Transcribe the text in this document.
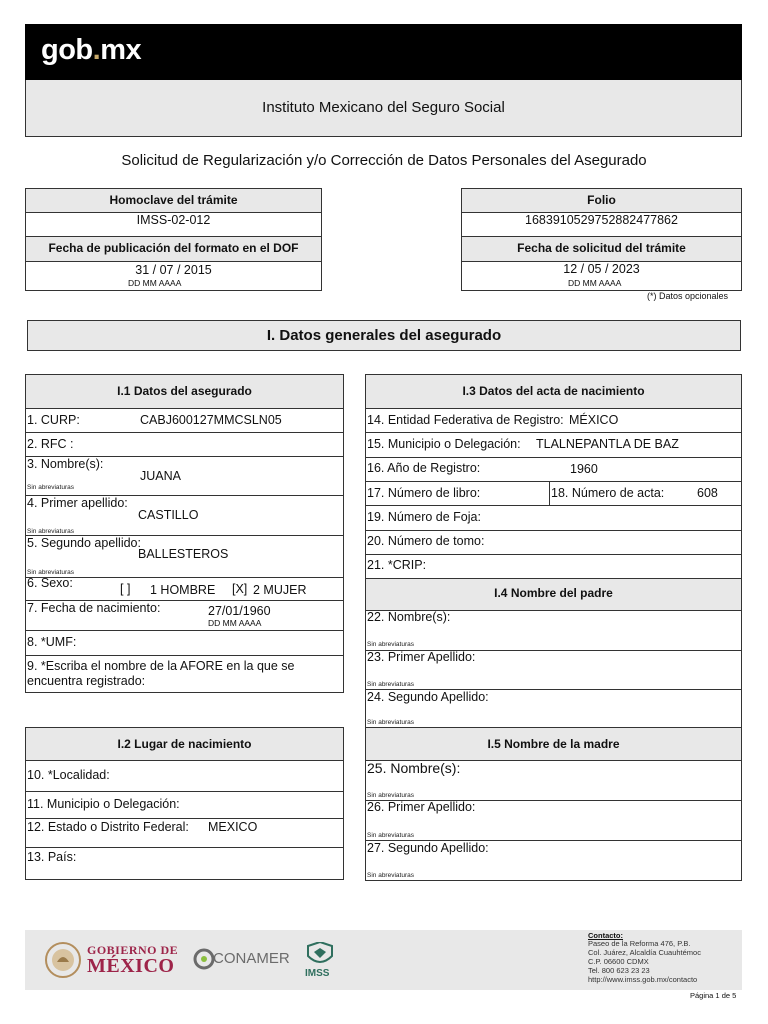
gob.mx
Instituto Mexicano del Seguro Social
Solicitud de Regularización y/o Corrección de Datos Personales del Asegurado
Homoclave del trámite
IMSS-02-012
Fecha de publicación del formato en el DOF
31 / 07 / 2015
DD MM AAAA
Folio
1683910529752882477862
Fecha de solicitud del trámite
12 / 05 / 2023
DD MM AAAA
(*) Datos opcionales
I. Datos generales del asegurado
I.1 Datos del asegurado
1. CURP:	CABJ600127MMCSLN05
2. RFC :
3. Nombre(s):
JUANA
Sin abreviaturas
4. Primer apellido:
CASTILLO
Sin abreviaturas
5. Segundo apellido:
BALLESTEROS
Sin abreviaturas
6. Sexo:	[ ] 1 HOMBRE [X] 2 MUJER
7. Fecha de nacimiento:	27/01/1960
DD MM AAAA
8. *UMF:
9. *Escriba el nombre de la AFORE en la que se
encuentra registrado:
I.2 Lugar de nacimiento
10. *Localidad:
11. Municipio o Delegación:
12. Estado o Distrito Federal: MEXICO
13. País:
I.3 Datos del acta de nacimiento
14. Entidad Federativa de Registro: MÉXICO
15. Municipio o Delegación: TLALNEPANTLA DE BAZ
16. Año de Registro:	1960
17. Número de libro:	18. Número de acta:	608
19. Número de Foja:
20. Número de tomo:
21. *CRIP:
I.4 Nombre del padre
22. Nombre(s):
Sin abreviaturas
23. Primer Apellido:
Sin abreviaturas
24. Segundo Apellido:
Sin abreviaturas
I.5 Nombre de la madre
25. Nombre(s):
Sin abreviaturas
26. Primer Apellido:
Sin abreviaturas
27. Segundo Apellido:
Sin abreviaturas
GOBIERNO DE
MÉXICO	CONAMER
IMSS
Contacto:
Paseo de la Reforma 476, P.B.
Col. Juárez, Alcaldía Cuauhtémoc
C.P. 06600 CDMX
Tel. 800 623 23 23
http://www.imss.gob.mx/contacto
Página 1 de 5
